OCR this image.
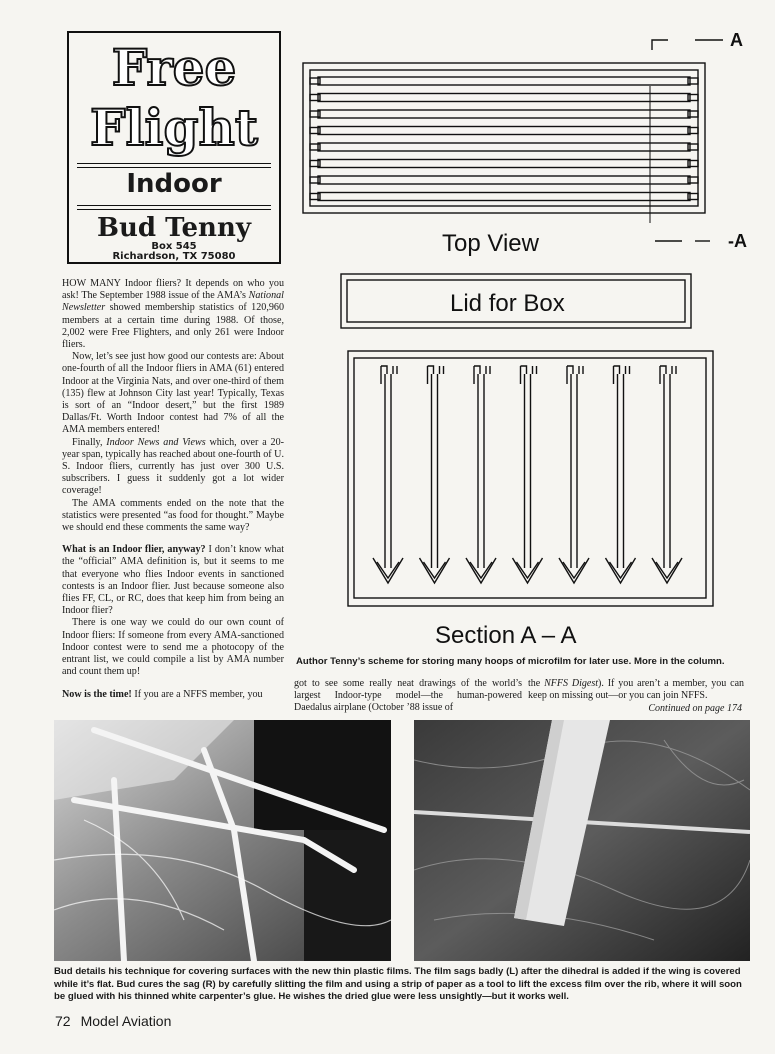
Free
Flight
Indoor
Bud Tenny
Box 545
Richardson, TX 75080

HOW MANY Indoor fliers? It depends on who you ask! The September 1988 issue of the AMA’s National Newsletter showed membership statistics of 120,960 members at a certain time during 1988. Of those, 2,002 were Free Flighters, and only 261 were Indoor fliers.

Now, let’s see just how good our contests are: About one-fourth of all the Indoor fliers in AMA (61) entered Indoor at the Virginia Nats, and over one-third of them (135) flew at Johnson City last year! Typically, Texas is sort of an “Indoor desert,” but the first 1989 Dallas/Ft. Worth Indoor contest had 7% of all the AMA members entered!

Finally, Indoor News and Views which, over a 20-year span, typically has reached about one-fourth of U. S. Indoor fliers, currently has just over 300 U.S. subscribers. I guess it suddenly got a lot wider coverage!

The AMA comments ended on the note that the statistics were presented “as food for thought.” Maybe we should end these comments the same way?

What is an Indoor flier, anyway? I don’t know what the “official” AMA definition is, but it seems to me that everyone who flies Indoor events in sanctioned contests is an Indoor flier. Just because someone also flies FF, CL, or RC, does that keep him from being an Indoor flier?

There is one way we could do our own count of Indoor fliers: If someone from every AMA-sanctioned Indoor contest were to send me a photocopy of the entrant list, we could compile a list by AMA number and count them up!

Now is the time! If you are a NFFS member, you

A
-A
Top View
Lid for Box
Section A – A
Author Tenny’s scheme for storing many hoops of microfilm for later use. More in the column.
got to see some really neat drawings of the world’s largest Indoor-type model—the human-powered Daedalus airplane (October ’88 issue of
the NFFS Digest). If you aren’t a member, you can keep on missing out—or you can join NFFS.
Continued on page 174
Bud details his technique for covering surfaces with the new thin plastic films. The film sags badly (L) after the dihedral is added if the wing is covered while it’s flat. Bud cures the sag (R) by carefully slitting the film and using a strip of paper as a tool to lift the excess film over the rib, where it will soon be glued with his thinned white carpenter’s glue. He wishes the dried glue were less unsightly—but it works well.
72 Model Aviation
